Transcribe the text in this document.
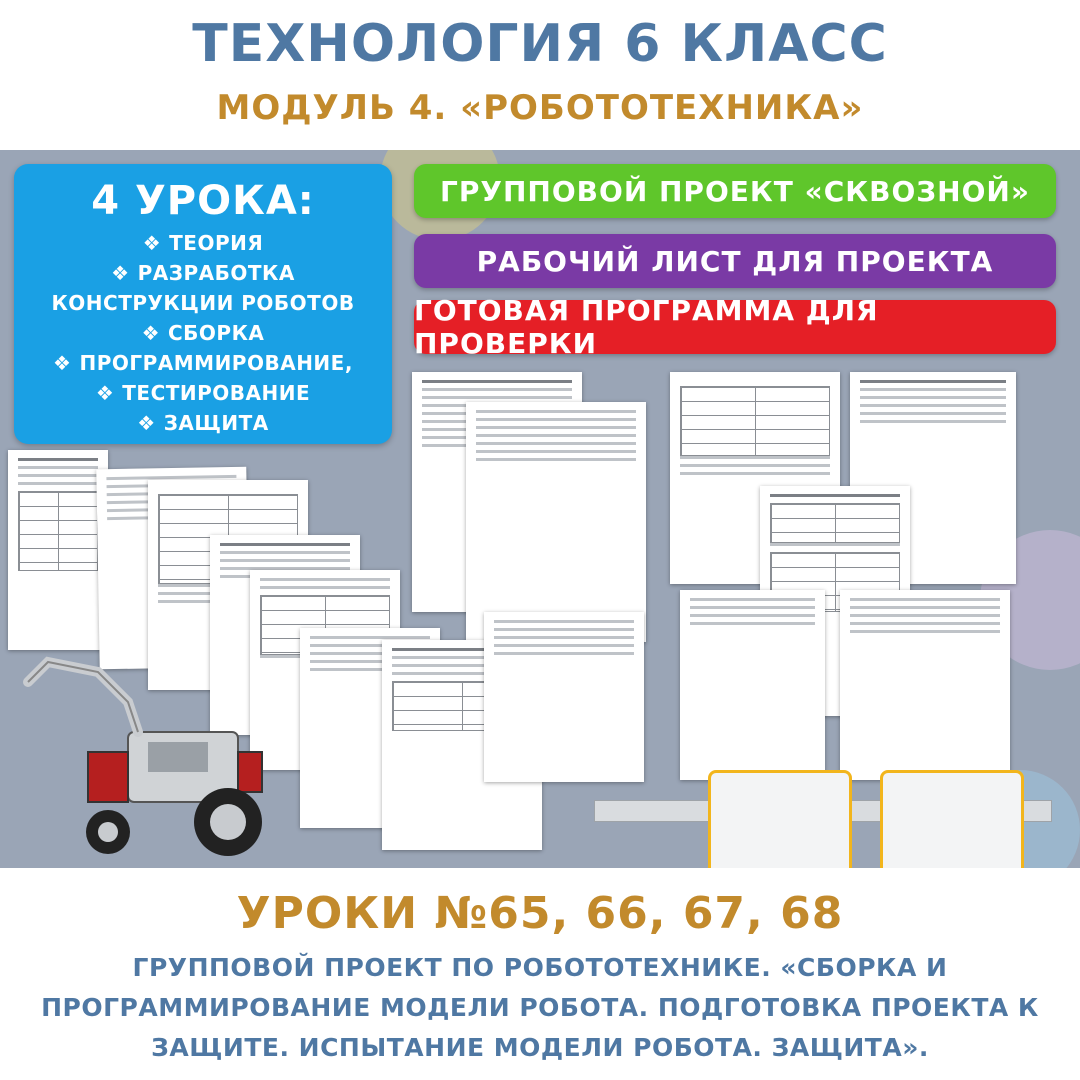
ТЕХНОЛОГИЯ 6 КЛАСС
МОДУЛЬ 4. «РОБОТОТЕХНИКА»
4 УРОКА:
❖ ТЕОРИЯ
❖ РАЗРАБОТКА
КОНСТРУКЦИИ РОБОТОВ
❖ СБОРКА
❖ ПРОГРАММИРОВАНИЕ,
❖ ТЕСТИРОВАНИЕ
❖ ЗАЩИТА
ГРУППОВОЙ ПРОЕКТ «СКВОЗНОЙ»
РАБОЧИЙ ЛИСТ ДЛЯ ПРОЕКТА
ГОТОВАЯ ПРОГРАММА ДЛЯ ПРОВЕРКИ
УРОКИ №65, 66, 67, 68
ГРУППОВОЙ ПРОЕКТ ПО РОБОТОТЕХНИКЕ. «СБОРКА И
ПРОГРАММИРОВАНИЕ МОДЕЛИ РОБОТА. ПОДГОТОВКА ПРОЕКТА К
ЗАЩИТЕ. ИСПЫТАНИЕ МОДЕЛИ РОБОТА. ЗАЩИТА».
